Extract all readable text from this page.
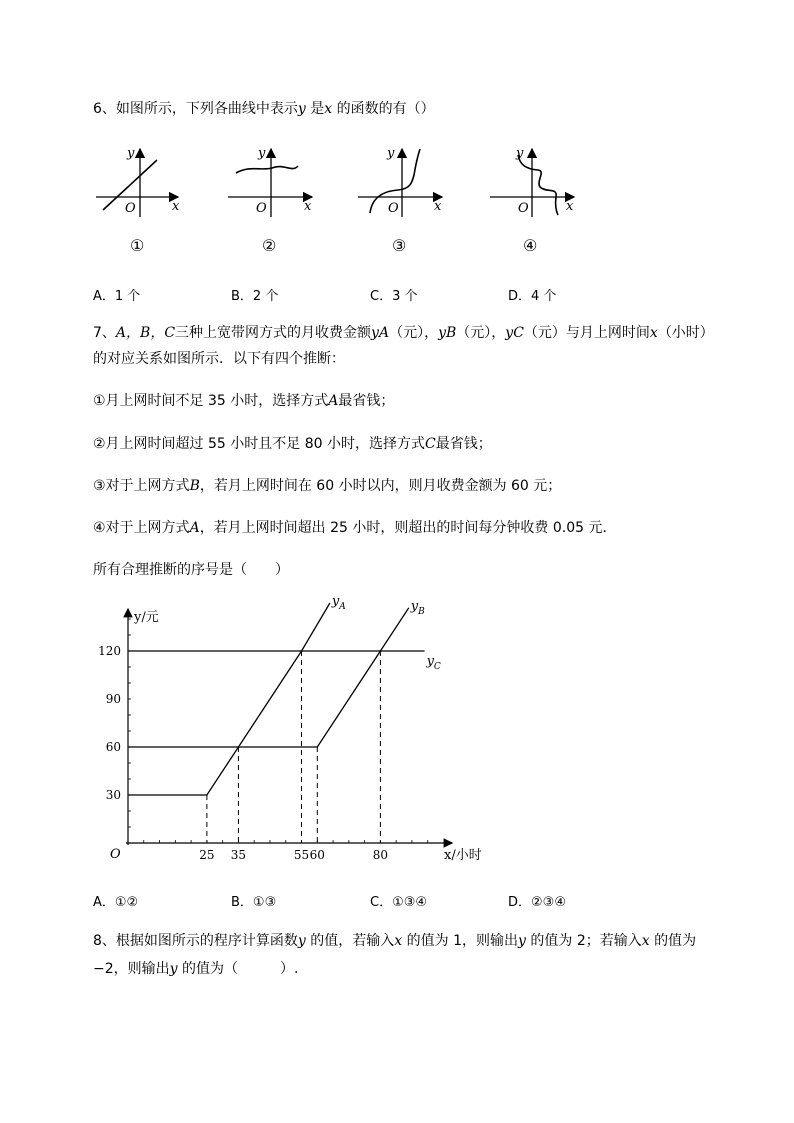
6、如图所示，下列各曲线中表示y 是x 的函数的有（）
y
x
O
y
x
O
y
x
O
y
x
O
①	②	③	④
A．1 个	B．2 个	C．3 个	D．4 个
7、A，B，C三种上宽带网方式的月收费金额yA（元），yB（元），yC（元）与月上网时间x（小时）
的对应关系如图所示．以下有四个推断：
①月上网时间不足 35 小时，选择方式A最省钱；
②月上网时间超过 55 小时且不足 80 小时，选择方式C最省钱；
③对于上网方式B，若月上网时间在 60 小时以内，则月收费金额为 60 元；
④对于上网方式A，若月上网时间超出 25 小时，则超出的时间每分钟收费 0.05 元．
所有合理推断的序号是（　　）
30
60
90
120
25 35	55 60	80
$y_A$	$y_B$
$y_C$
O
y/元
x/小时
A．①②	B．①③	C．①③④	D．②③④
8、根据如图所示的程序计算函数y 的值，若输入x 的值为 1，则输出y 的值为 2；若输入x 的值为
−2，则输出y 的值为（　　　）.
